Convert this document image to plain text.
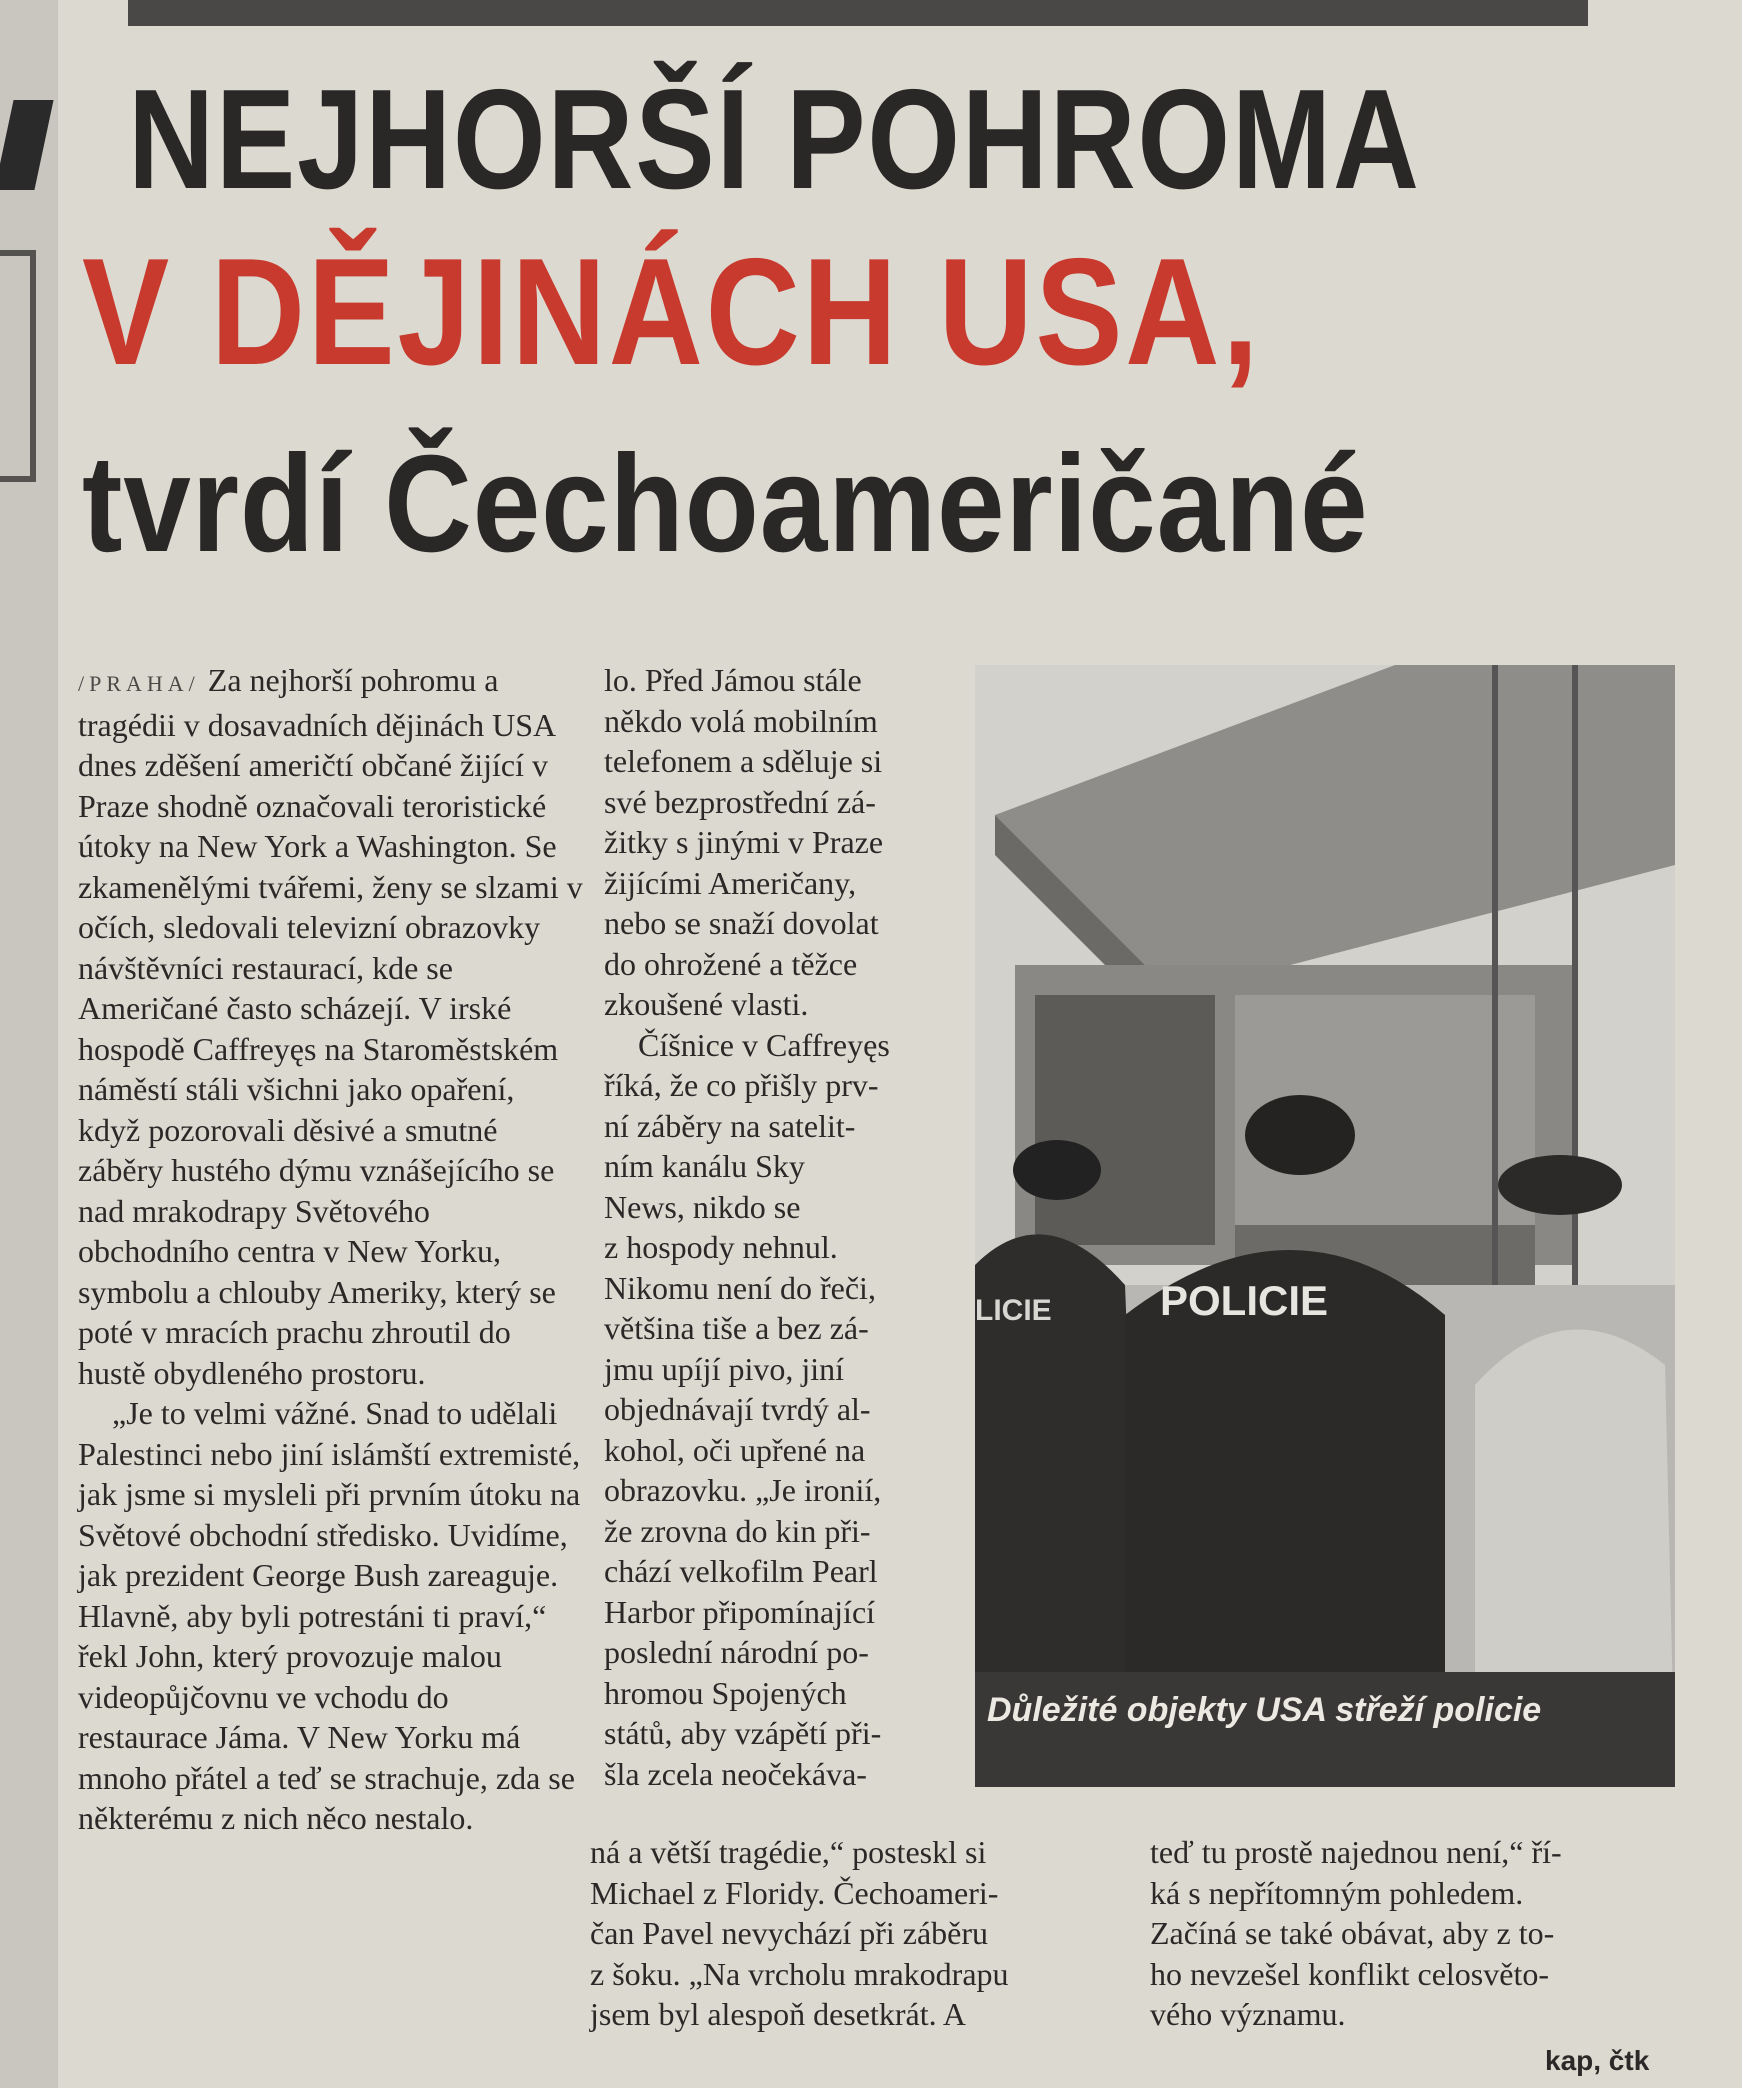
NEJHORŠÍ POHROMA
V DĚJINÁCH USA,
tvrdí Čechoameričané

/PRAHA/ Za nejhorší pohromu a tragédii v dosavadních dějinách USA dnes zděšení američtí občané žijící v Praze shodně označovali teroristické útoky na New York a Washington. Se zkamenělými tvářemi, ženy se slzami v očích, sledovali televizní obrazovky návštěvníci restaurací, kde se Američané často scházejí. V irské hospodě Caffreyęs na Staroměstském náměstí stáli všichni jako opaření, když pozorovali děsivé a smutné záběry hustého dýmu vznášejícího se nad mrakodrapy Světového obchodního centra v New Yorku, symbolu a chlouby Ameriky, který se poté v mracích prachu zhroutil do hustě obydleného prostoru.

„Je to velmi vážné. Snad to udělali Palestinci nebo jiní islámští extremisté, jak jsme si mysleli při prvním útoku na Světové obchodní středisko. Uvidíme, jak prezident George Bush zareaguje. Hlavně, aby byli potrestáni ti praví,“ řekl John, který provozuje malou videopůjčovnu ve vchodu do restaurace Jáma. V New Yorku má mnoho přátel a teď se strachuje, zda se některému z nich něco nestalo.

lo. Před Jámou stále
někdo volá mobilním
telefonem a sděluje si
své bezprostřední zá-
žitky s jinými v Praze
žijícími Američany,
nebo se snaží dovolat
do ohrožené a těžce
zkoušené vlasti.
Číšnice v Caffreyęs
říká, že co přišly prv-
ní záběry na satelit-
ním kanálu Sky
News, nikdo se
z hospody nehnul.
Nikomu není do řeči,
většina tiše a bez zá-
jmu upíjí pivo, jiní
objednávají tvrdý al-
kohol, oči upřené na
obrazovku. „Je ironií,
že zrovna do kin při-
chází velkofilm Pearl
Harbor připomínající
poslední národní po-
hromou Spojených
států, aby vzápětí při-
šla zcela neočekáva-
POLICIE
LICIE
Důležité objekty USA střeží policie
ná a větší tragédie,“ posteskl si
Michael z Floridy. Čechoameri-
čan Pavel nevychází při záběru
z šoku. „Na vrcholu mrakodrapu
jsem byl alespoň desetkrát. A
teď tu prostě najednou není,“ ří-
ká s nepřítomným pohledem.
Začíná se také obávat, aby z to-
ho nevzešel konflikt celosvěto-
vého významu.
kap, čtk
